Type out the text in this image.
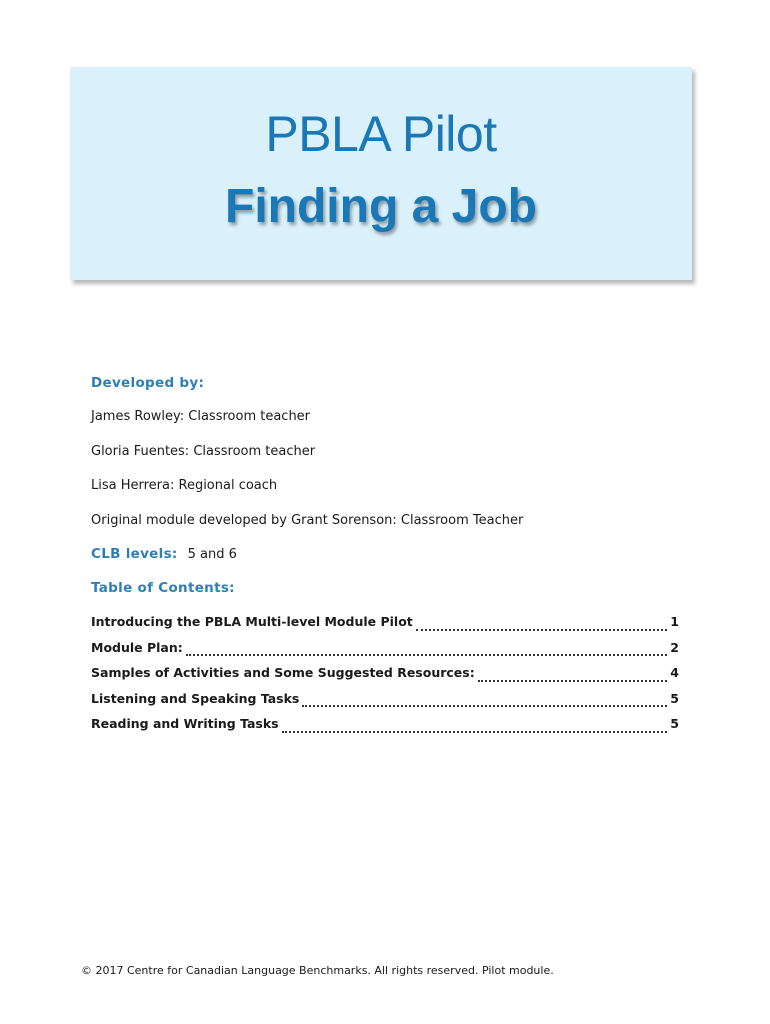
PBLA Pilot
Finding a Job
Developed by:
James Rowley: Classroom teacher
Gloria Fuentes: Classroom teacher
Lisa Herrera: Regional coach
Original module developed by Grant Sorenson: Classroom Teacher
CLB levels: 5 and 6
Table of Contents:
Introducing the PBLA Multi-level Module Pilot	1
Module Plan:	2
Samples of Activities and Some Suggested Resources:	4
Listening and Speaking Tasks	5
Reading and Writing Tasks	5
© 2017 Centre for Canadian Language Benchmarks. All rights reserved. Pilot module.
